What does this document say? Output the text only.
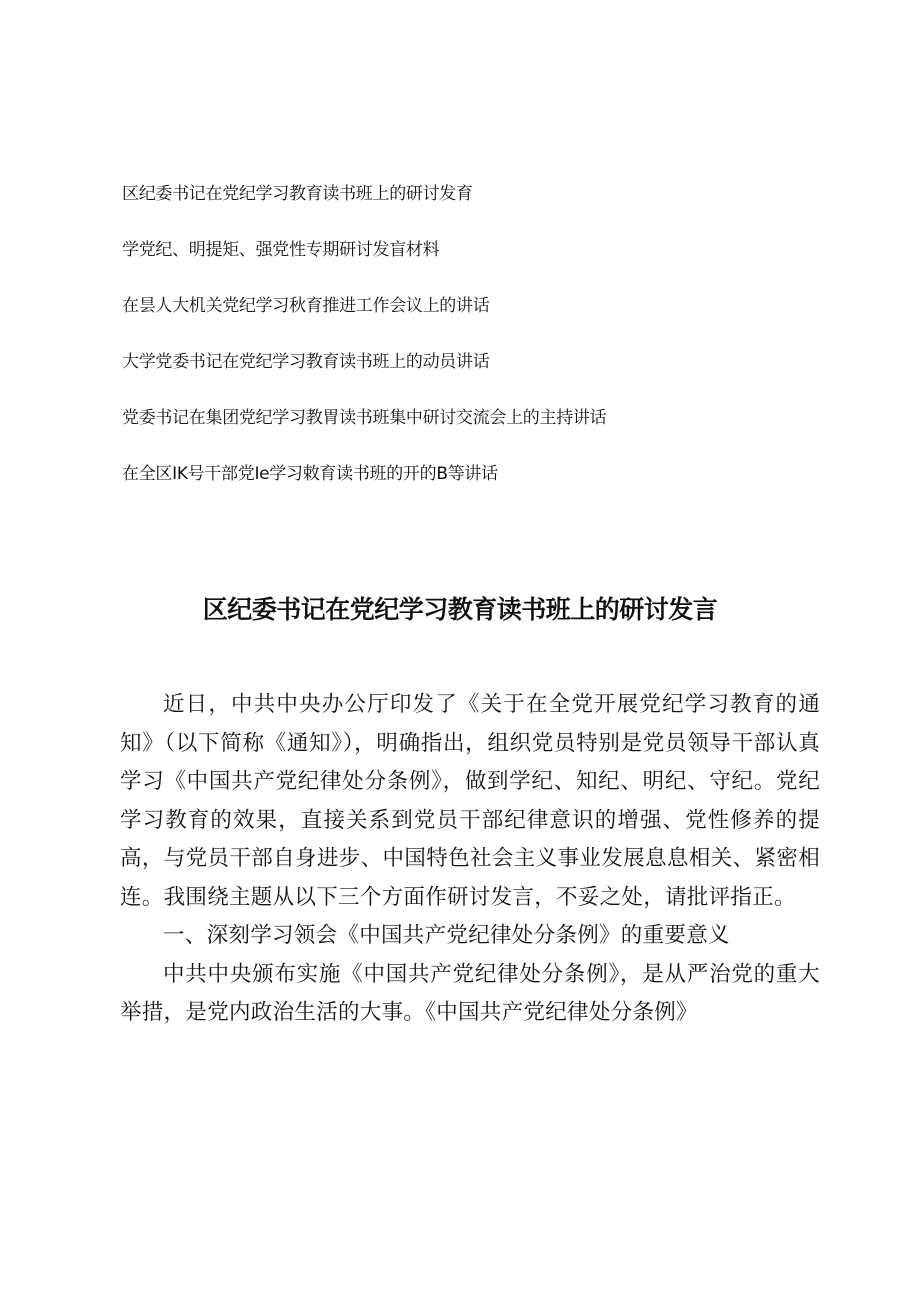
区纪委书记在党纪学习教育读书班上的研讨发育
学党纪、明提矩、强党性专期研讨发盲材料
在昙人大机关党纪学习秋育推进工作会议上的讲话
大学党委书记在党纪学习教育读书班上的动员讲话
党委书记在集团党纪学习教胃读书班集中研讨交流会上的主持讲话
在全区IK号干部党Ie学习敕育读书班的开的B等讲话
区纪委书记在党纪学习教育读书班上的研讨发言

近日，中共中央办公厅印发了《关于在全党开展党纪学习教育的通知》（以下简称《通知》），明确指出，组织党员特别是党员领导干部认真学习《中国共产党纪律处分条例》，做到学纪、知纪、明纪、守纪。党纪学习教育的效果，直接关系到党员干部纪律意识的增强、党性修养的提高，与党员干部自身进步、中国特色社会主义事业发展息息相关、紧密相连。我围绕主题从以下三个方面作研讨发言，不妥之处，请批评指正。

一、深刻学习领会《中国共产党纪律处分条例》的重要意义

中共中央颁布实施《中国共产党纪律处分条例》，是从严治党的重大举措，是党内政治生活的大事。《中国共产党纪律处分条例》
